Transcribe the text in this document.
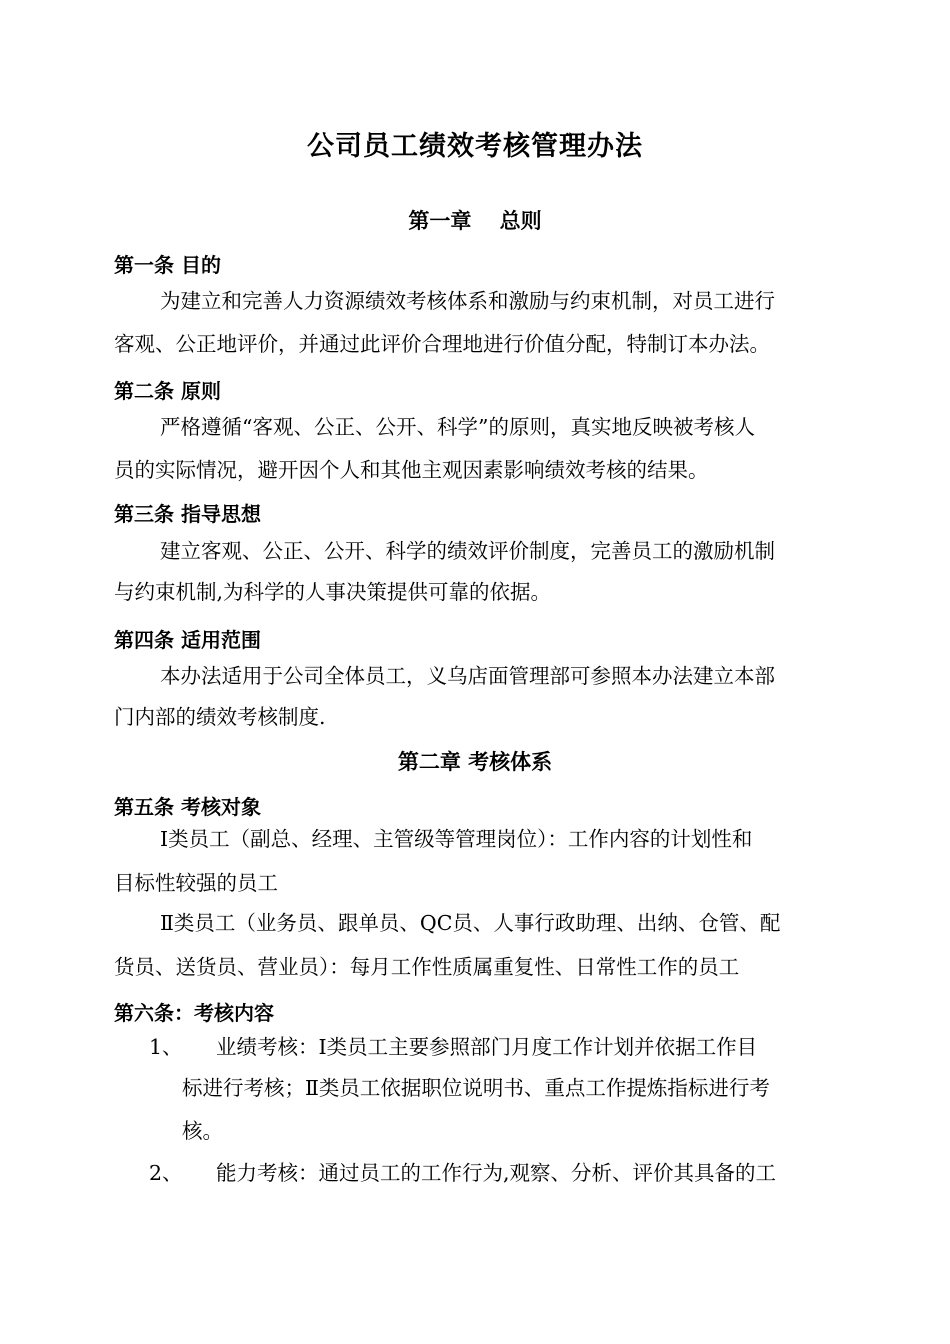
公司员工绩效考核管理办法
第一章　 总则
第一条 目的
为建立和完善人力资源绩效考核体系和激励与约束机制，对员工进行
客观、公正地评价，并通过此评价合理地进行价值分配，特制订本办法。
第二条 原则
严格遵循“客观、公正、公开、科学”的原则，真实地反映被考核人
员的实际情况，避开因个人和其他主观因素影响绩效考核的结果。
第三条 指导思想
建立客观、公正、公开、科学的绩效评价制度，完善员工的激励机制
与约束机制,为科学的人事决策提供可靠的依据。
第四条 适用范围
本办法适用于公司全体员工，义乌店面管理部可参照本办法建立本部
门内部的绩效考核制度.
第二章 考核体系
第五条 考核对象
Ⅰ类员工（副总、经理、主管级等管理岗位）：工作内容的计划性和
目标性较强的员工
Ⅱ类员工（业务员、跟单员、QC员、人事行政助理、出纳、仓管、配
货员、送货员、营业员）：每月工作性质属重复性、日常性工作的员工
第六条：考核内容
1、 业绩考核：Ⅰ类员工主要参照部门月度工作计划并依据工作目
标进行考核；Ⅱ类员工依据职位说明书、重点工作提炼指标进行考
核。
2、 能力考核：通过员工的工作行为,观察、分析、评价其具备的工
